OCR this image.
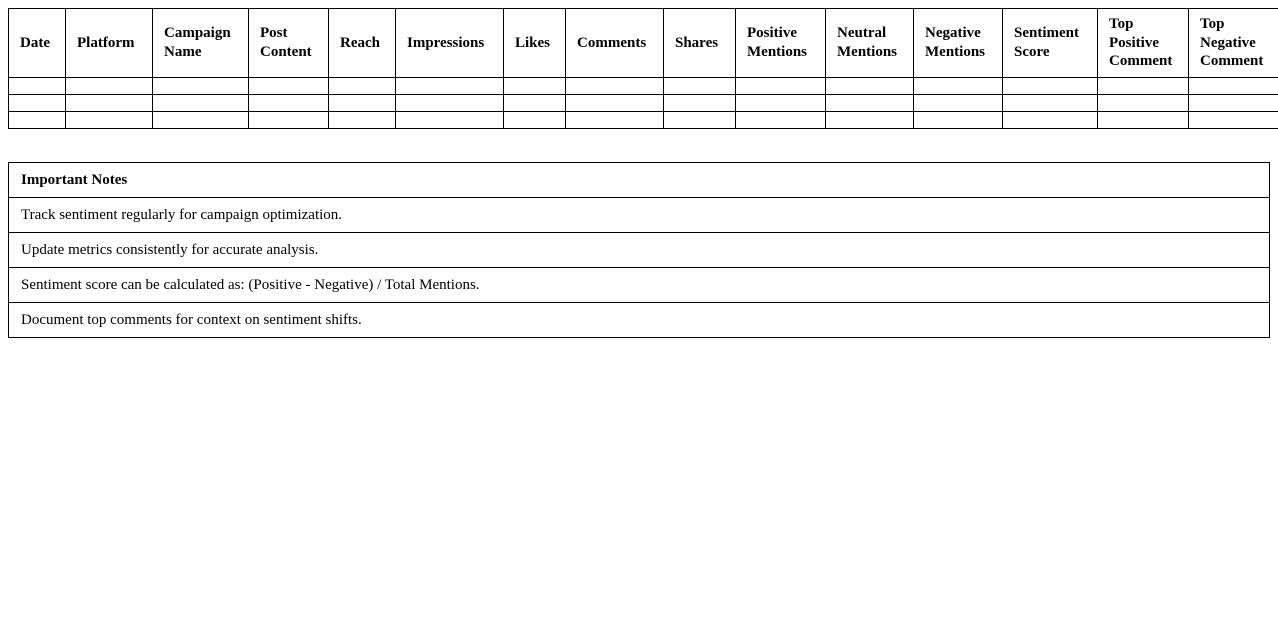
Date	Platform	Campaign Name	Post Content	Reach	Impressions	Likes	Comments	Shares	Positive Mentions	Neutral Mentions	Negative Mentions	Sentiment Score	Top Positive Comment	Top Negative Comment

Important Notes
Track sentiment regularly for campaign optimization.
Update metrics consistently for accurate analysis.
Sentiment score can be calculated as: (Positive - Negative) / Total Mentions.
Document top comments for context on sentiment shifts.
